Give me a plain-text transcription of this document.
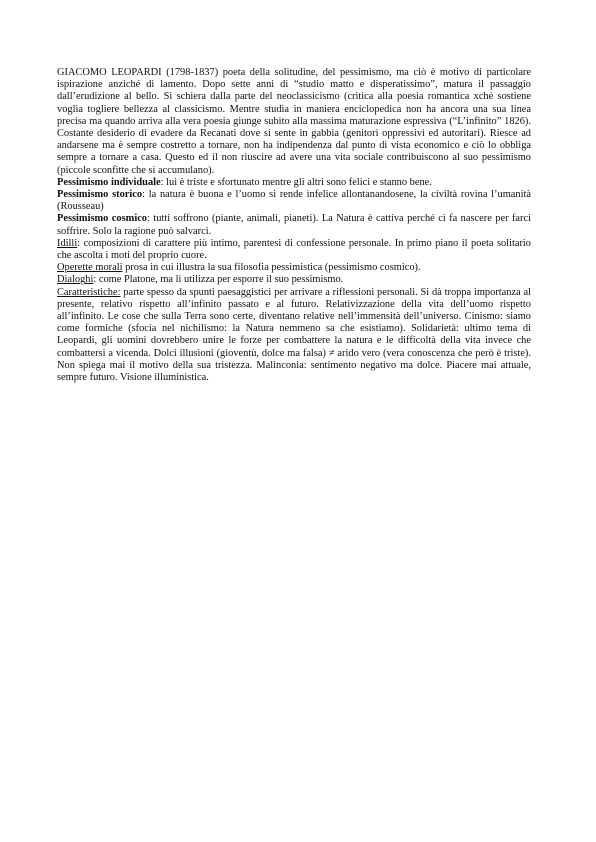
GIACOMO LEOPARDI (1798-1837) poeta della solitudine, del pessimismo, ma ciò è motivo di particolare ispirazione anziché di lamento. Dopo sette anni di “studio matto e disperatissimo”, matura il passaggio dall’erudizione al bello. Si schiera dalla parte del neoclassicismo (critica alla poesia romantica xché sostiene voglia togliere bellezza al classicismo. Mentre studia in maniera enciclopedica non ha ancora una sua linea precisa ma quando arriva alla vera poesia giunge subito alla massima maturazione espressiva (“L’infinito” 1826). Costante desiderio di evadere da Recanati dove si sente in gabbia (genitori oppressivi ed autoritari). Riesce ad andarsene ma è sempre costretto a tornare, non ha indipendenza dal punto di vista economico e ciò lo obbliga sempre a tornare a casa. Questo ed il non riuscire ad avere una vita sociale contribuiscono al suo pessimismo (piccole sconfitte che si accumulano).

Pessimismo individuale: lui è triste e sfortunato mentre gli altri sono felici e stanno bene.

Pessimismo storico: la natura è buona e l’uomo si rende infelice allontanandosene, la civiltà rovina l’umanità (Rousseau)

Pessimismo cosmico: tutti soffrono (piante, animali, pianeti). La Natura è cattiva perché ci fa nascere per farci soffrire. Solo la ragione può salvarci.

Idilli: composizioni di carattere più intimo, parentesi di confessione personale. In primo piano il poeta solitario che ascolta i moti del proprio cuore.

Operette morali prosa in cui illustra la sua filosofia pessimistica (pessimismo cosmico).

Dialoghi: come Platone, ma li utilizza per esporre il suo pessimismo.

Caratteristiche: parte spesso da spunti paesaggistici per arrivare a riflessioni personali. Si dà troppa importanza al presente, relativo rispetto all’infinito passato e al futuro. Relativizzazione della vita dell’uomo rispetto all’infinito. Le cose che sulla Terra sono certe, diventano relative nell’immensità dell’universo. Cinismo: siamo come formiche (sfocia nel nichilismo: la Natura nemmeno sa che esistiamo). Solidarietà: ultimo tema di Leopardi, gli uomini dovrebbero unire le forze per combattere la natura e le difficoltà della vita invece che combattersi a vicenda. Dolci illusioni (gioventù, dolce ma falsa) ≠ arido vero (vera conoscenza che però è triste). Non spiega mai il motivo della sua tristezza. Malinconia: sentimento negativo ma dolce. Piacere mai attuale, sempre futuro. Visione illuministica.
